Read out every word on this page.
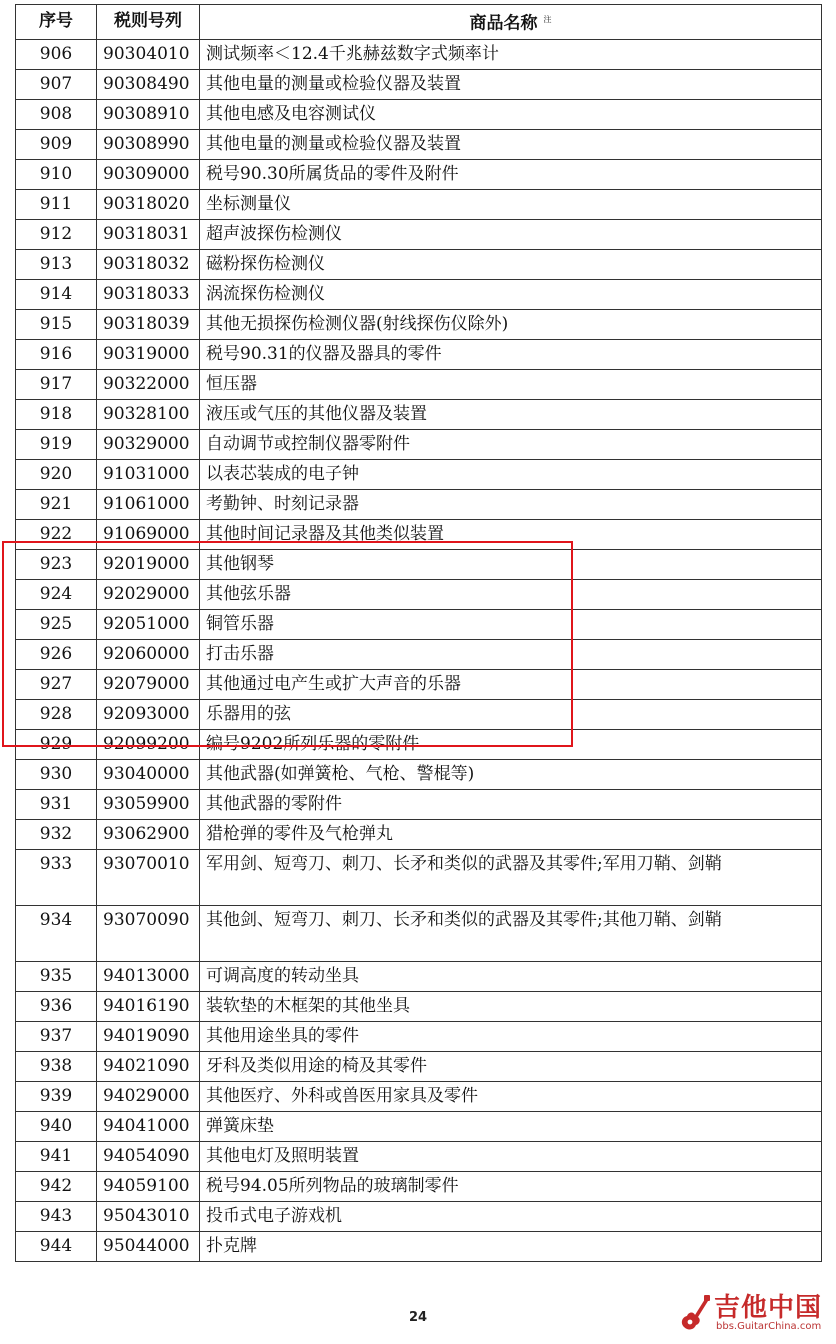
序号	税则号列	商品名称 $^注$
906	90304010	测试频率＜12.4千兆赫兹数字式频率计
907	90308490	其他电量的测量或检验仪器及装置
908	90308910	其他电感及电容测试仪
909	90308990	其他电量的测量或检验仪器及装置
910	90309000	税号90.30所属货品的零件及附件
911	90318020	坐标测量仪
912	90318031	超声波探伤检测仪
913	90318032	磁粉探伤检测仪
914	90318033	涡流探伤检测仪
915	90318039	其他无损探伤检测仪器(射线探伤仪除外)
916	90319000	税号90.31的仪器及器具的零件
917	90322000	恒压器
918	90328100	液压或气压的其他仪器及装置
919	90329000	自动调节或控制仪器零附件
920	91031000	以表芯装成的电子钟
921	91061000	考勤钟、时刻记录器
922	91069000	其他时间记录器及其他类似装置
923	92019000	其他钢琴
924	92029000	其他弦乐器
925	92051000	铜管乐器
926	92060000	打击乐器
927	92079000	其他通过电产生或扩大声音的乐器
928	92093000	乐器用的弦
929	92099200	编号9202所列乐器的零附件
930	93040000	其他武器(如弹簧枪、气枪、警棍等)
931	93059900	其他武器的零附件
932	93062900	猎枪弹的零件及气枪弹丸
933	93070010	军用剑、短弯刀、刺刀、长矛和类似的武器及其零件;军用刀鞘、剑鞘
934	93070090	其他剑、短弯刀、刺刀、长矛和类似的武器及其零件;其他刀鞘、剑鞘
935	94013000	可调高度的转动坐具
936	94016190	装软垫的木框架的其他坐具
937	94019090	其他用途坐具的零件
938	94021090	牙科及类似用途的椅及其零件
939	94029000	其他医疗、外科或兽医用家具及零件
940	94041000	弹簧床垫
941	94054090	其他电灯及照明装置
942	94059100	税号94.05所列物品的玻璃制零件
943	95043010	投币式电子游戏机
944	95044000	扑克牌
24	吉他中国
bbs.GuitarChina.com
